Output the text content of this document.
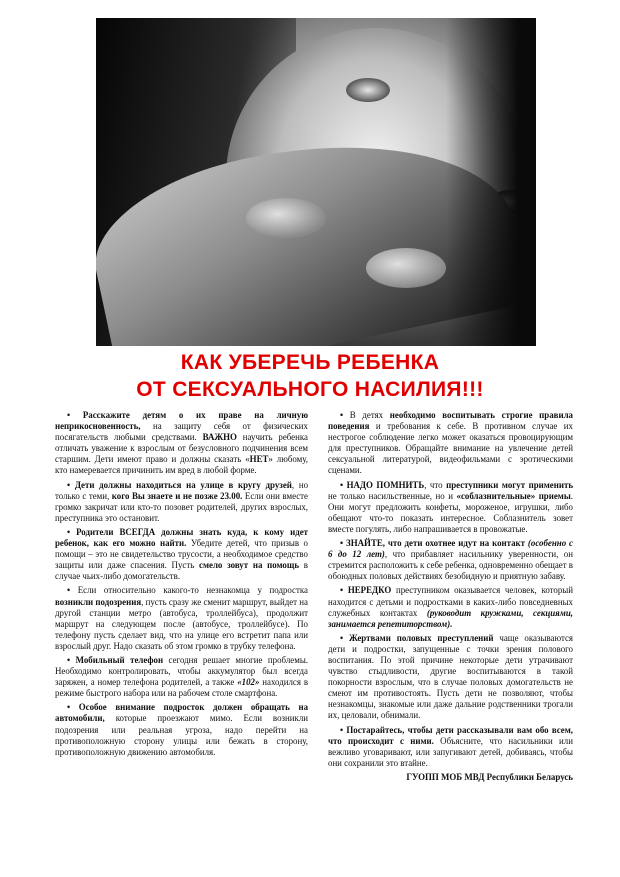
КАК УБЕРЕЧЬ РЕБЕНКА
ОТ СЕКСУАЛЬНОГО НАСИЛИЯ!!!

• Расскажите детям о их праве на личную неприкосновенность, на защиту себя от физических посягательств любыми средствами. ВАЖНО научить ребенка отличать уважение к взрослым от безусловного подчинения всем старшим. Дети имеют право и должны сказать «НЕТ» любому, кто намеревается причинить им вред в любой форме.

• Дети должны находиться на улице в кругу друзей, но только с теми, кого Вы знаете и не позже 23.00. Если они вместе громко закричат или кто-то позовет родителей, других взрослых, преступника это остановит.

• Родители ВСЕГДА должны знать куда, к кому идет ребенок, как его можно найти. Убедите детей, что призыв о помощи – это не свидетельство трусости, а необходимое средство защиты или даже спасения. Пусть смело зовут на помощь в случае чьих-либо домогательств.

• Если относительно какого-то незнакомца у подростка возникли подозрения, пусть сразу же сменит маршрут, выйдет на другой станции метро (автобуса, троллейбуса), продолжит маршрут на следующем после (автобусе, троллейбусе). По телефону пусть сделает вид, что на улице его встретит папа или взрослый друг. Надо сказать об этом громко в трубку телефона.

• Мобильный телефон сегодня решает многие проблемы. Необходимо контролировать, чтобы аккумулятор был всегда заряжен, а номер телефона родителей, а также «102» находился в режиме быстрого набора или на рабочем столе смартфона.

• Особое внимание подросток должен обращать на автомобили, которые проезжают мимо. Если возникли подозрения или реальная угроза, надо перейти на противоположную сторону улицы или бежать в сторону, противоположную движению автомобиля.

• В детях необходимо воспитывать строгие правила поведения и требования к себе. В противном случае их нестрогое соблюдение легко может оказаться провоцирующим для преступников. Обращайте внимание на увлечение детей сексуальной литературой, видеофильмами с эротическими сценами.

• НАДО ПОМНИТЬ, что преступники могут применить не только насильственные, но и «соблазнительные» приемы. Они могут предложить конфеты, мороженое, игрушки, либо обещают что-то показать интересное. Соблазнитель зовет вместе погулять, либо напрашивается в провожатые.

• ЗНАЙТЕ, что дети охотнее идут на контакт (особенно с 6 до 12 лет), что прибавляет насильнику уверенности, он стремится расположить к себе ребенка, одновременно обещает в обоюдных половых действиях безобидную и приятную забаву.

• НЕРЕДКО преступником оказывается человек, который находится с детьми и подростками в каких-либо повседневных служебных контактах (руководит кружками, секциями, занимается репетиторством).

• Жертвами половых преступлений чаще оказываются дети и подростки, запущенные с точки зрения полового воспитания. По этой причине некоторые дети утрачивают чувство стыдливости, другие воспитываются в такой покорности взрослым, что в случае половых домогательств не смеют им противостоять. Пусть дети не позволяют, чтобы незнакомцы, знакомые или даже дальние родственники трогали их, целовали, обнимали.

• Постарайтесь, чтобы дети рассказывали вам обо всем, что происходит с ними. Объясните, что насильники или вежливо уговаривают, или запугивают детей, добиваясь, чтобы они сохранили это втайне.

ГУОПП МОБ МВД Республики Беларусь
